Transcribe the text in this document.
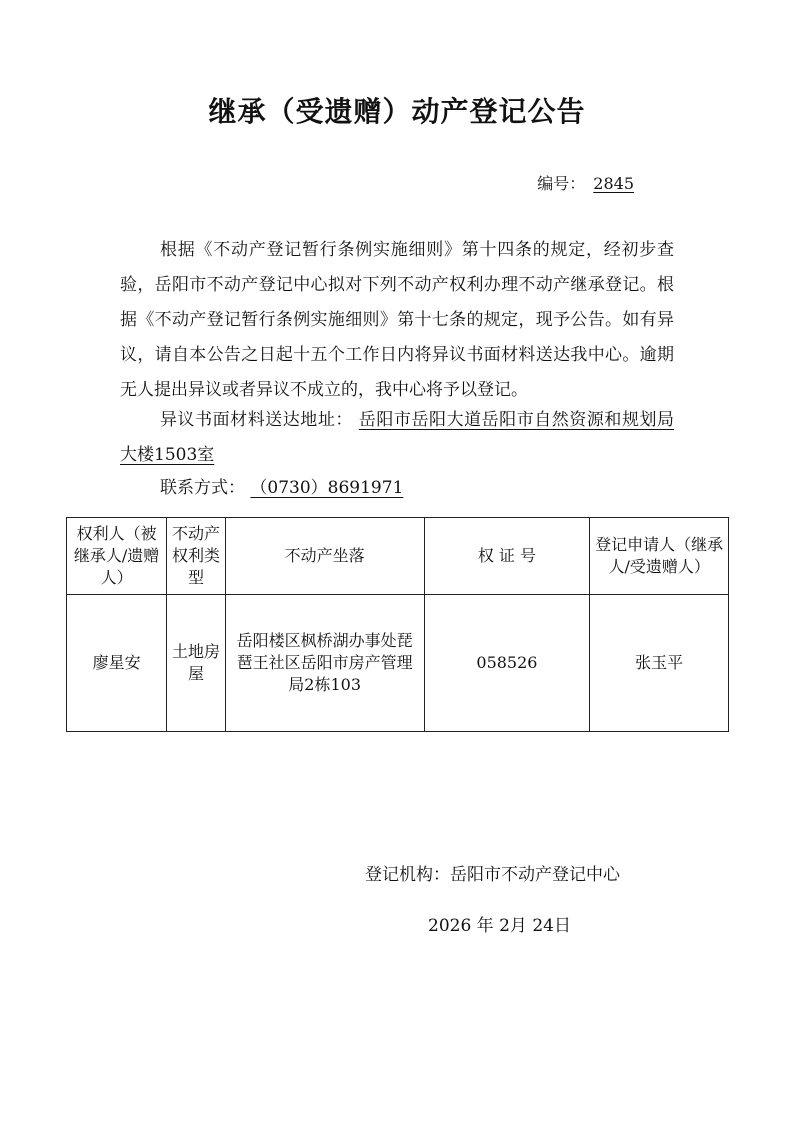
继承（受遗赠）动产登记公告
编号： 2845
根据《不动产登记暂行条例实施细则》第十四条的规定，经初步查验，岳阳市不动产登记中心拟对下列不动产权利办理不动产继承登记。根据《不动产登记暂行条例实施细则》第十七条的规定，现予公告。如有异议，请自本公告之日起十五个工作日内将异议书面材料送达我中心。逾期无人提出异议或者异议不成立的，我中心将予以登记。
异议书面材料送达地址： 岳阳市岳阳大道岳阳市自然资源和规划局大楼1503室
联系方式： （0730）8691971
权利人（被继承人/遗赠人）	不动产权利类型	不动产坐落	权 证 号	登记申请人（继承人/受遗赠人）
廖星安	土地房屋	岳阳楼区枫桥湖办事处琵琶王社区岳阳市房产管理局2栋103	058526	张玉平
登记机构：岳阳市不动产登记中心
2026 年 2月 24日
